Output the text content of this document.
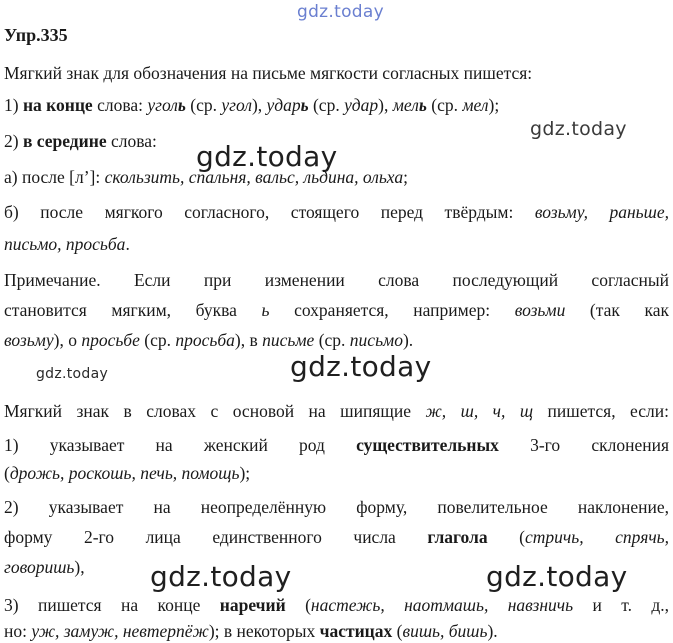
gdz.today
gdz.today
gdz.today
gdz.today	gdz.today
gdz.today	gdz.today
Упр.335
Мягкий знак для обозначения на письме мягкости согласных пишется:
1) на конце слова: уголь (ср. угол), ударь (ср. удар), мель (ср. мел);
2) в середине слова:
а) после [л’]: скользить, спальня, вальс, льдина, ольха;
б) после мягкого согласного, стоящего перед твёрдым: возьму, раньше,
письмо, просьба.
Примечание. Если при изменении слова последующий согласный
становится мягким, буква ь сохраняется, например: возьми (так как
возьму), о просьбе (ср. просьба), в письме (ср. письмо).
Мягкий знак в словах с основой на шипящие ж, ш, ч, щ пишется, если:
1) указывает на женский род существительных 3-го склонения
(дрожь, роскошь, печь, помощь);
2) указывает на неопределённую форму, повелительное наклонение,
форму 2-го лица единственного числа глагола (стричь, спрячь,
говоришь),
3) пишется на конце наречий (настежь, наотмашь, навзничь и т. д.,
но: уж, замуж, невтерпёж); в некоторых частицах (вишь, бишь).
